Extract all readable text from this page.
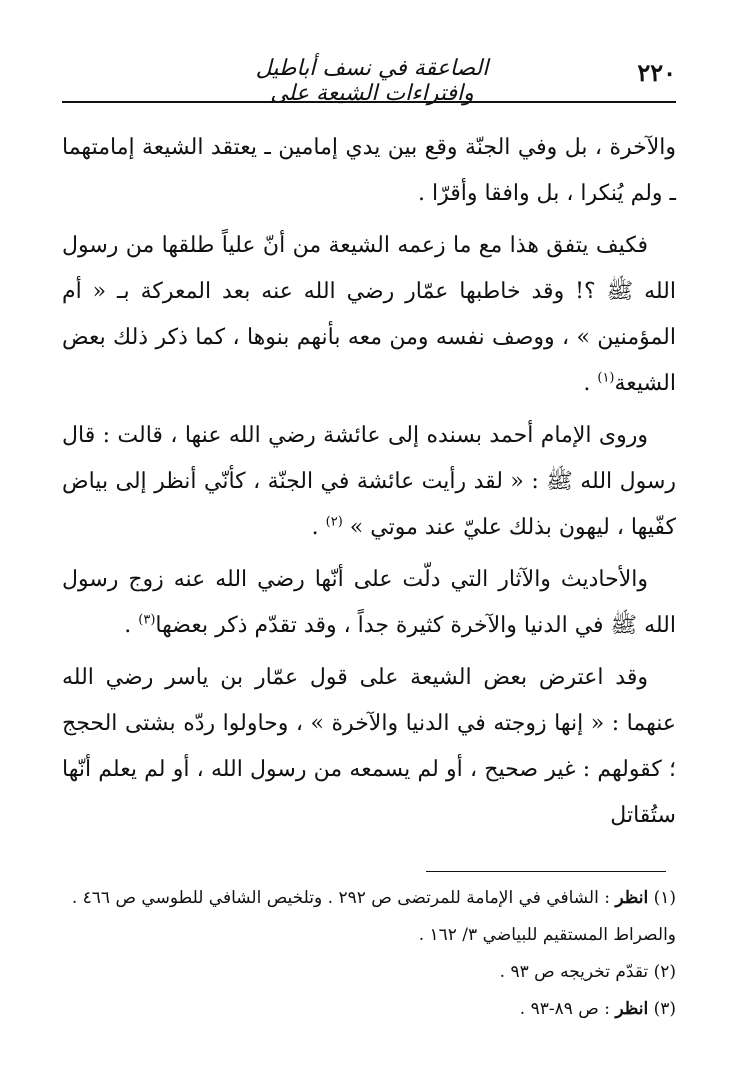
الصاعقة في نسف أباطيل وافتراءات الشيعة على
٢٢٠

والآخرة ، بل وفي الجنّة وقع بين يدي إمامين ـ يعتقد الشيعة إمامتهما ـ ولم يُنكرا ، بل وافقا وأقرّا .

فكيف يتفق هذا مع ما زعمه الشيعة من أنّ علياً طلقها من رسول الله ﷺ ؟! وقد خاطبها عمّار رضي الله عنه بعد المعركة بـ « أم المؤمنين » ، ووصف نفسه ومن معه بأنهم بنوها ، كما ذكر ذلك بعض الشيعة$^{(١)}$ .

وروى الإمام أحمد بسنده إلى عائشة رضي الله عنها ، قالت : قال رسول الله ﷺ : « لقد رأيت عائشة في الجنّة ، كأنّي أنظر إلى بياض كفّيها ، ليهون بذلك عليّ عند موتي » $^{(٢)}$ .

والأحاديث والآثار التي دلّت على أنّها رضي الله عنه زوج رسول الله ﷺ في الدنيا والآخرة كثيرة جداً ، وقد تقدّم ذكر بعضها$^{(٣)}$ .

وقد اعترض بعض الشيعة على قول عمّار بن ياسر رضي الله عنهما : « إنها زوجته في الدنيا والآخرة » ، وحاولوا ردّه بشتى الحجج ؛ كقولهم : غير صحيح ، أو لم يسمعه من رسول الله ، أو لم يعلم أنّها ستُقاتل

(١) انظر : الشافي في الإمامة للمرتضى ص ٢٩٢ . وتلخيص الشافي للطوسي ص ٤٦٦ . والصراط المستقيم للبياضي ٣/ ١٦٢ .

(٢) تقدّم تخريجه ص ٩٣ .

(٣) انظر : ص ٨٩-٩٣ .
